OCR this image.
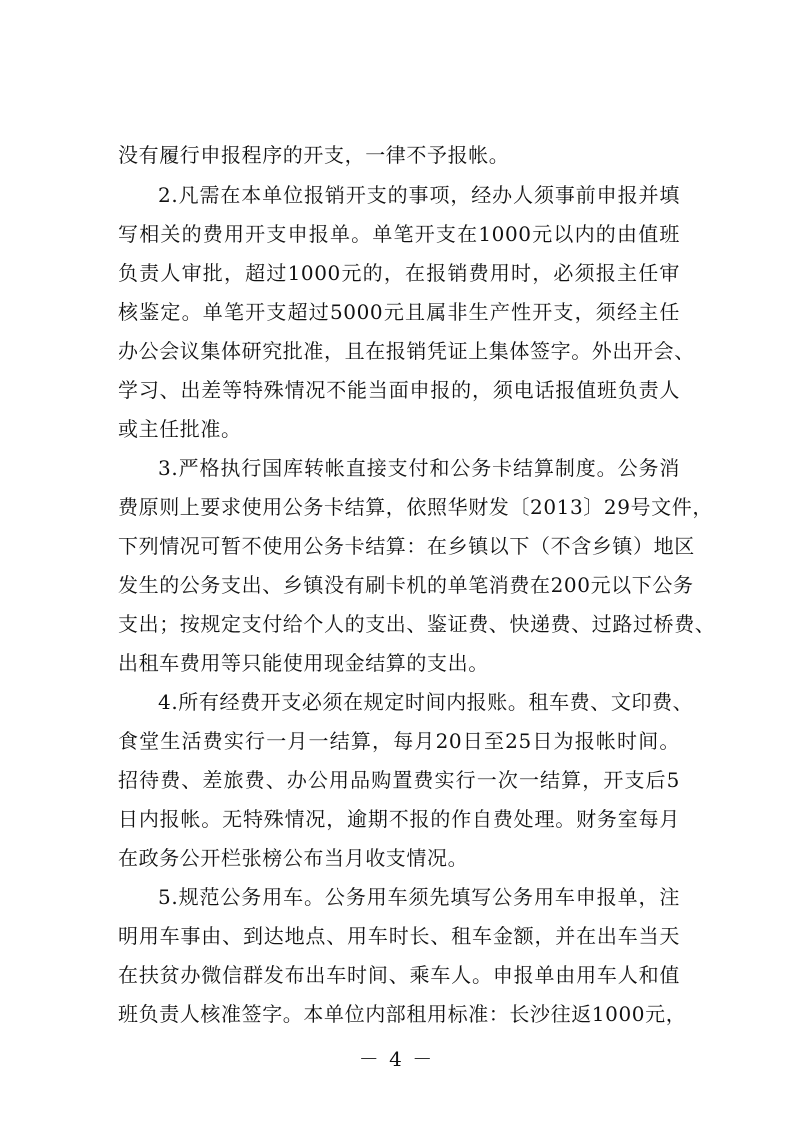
没有履行申报程序的开支，一律不予报帐。
2.凡需在本单位报销开支的事项，经办人须事前申报并填
写相关的费用开支申报单。单笔开支在1000元以内的由值班
负责人审批，超过1000元的，在报销费用时，必须报主任审
核鉴定。单笔开支超过5000元且属非生产性开支，须经主任
办公会议集体研究批准，且在报销凭证上集体签字。外出开会、
学习、出差等特殊情况不能当面申报的，须电话报值班负责人
或主任批准。
3.严格执行国库转帐直接支付和公务卡结算制度。公务消
费原则上要求使用公务卡结算，依照华财发〔2013〕29号文件，
下列情况可暂不使用公务卡结算：在乡镇以下（不含乡镇）地区
发生的公务支出、乡镇没有刷卡机的单笔消费在200元以下公务
支出；按规定支付给个人的支出、鉴证费、快递费、过路过桥费、
出租车费用等只能使用现金结算的支出。
4.所有经费开支必须在规定时间内报账。租车费、文印费、
食堂生活费实行一月一结算，每月20日至25日为报帐时间。
招待费、差旅费、办公用品购置费实行一次一结算，开支后5
日内报帐。无特殊情况，逾期不报的作自费处理。财务室每月
在政务公开栏张榜公布当月收支情况。
5.规范公务用车。公务用车须先填写公务用车申报单，注
明用车事由、到达地点、用车时长、租车金额，并在出车当天
在扶贫办微信群发布出车时间、乘车人。申报单由用车人和值
班负责人核准签字。本单位内部租用标准：长沙往返1000元，
－ 4 －
